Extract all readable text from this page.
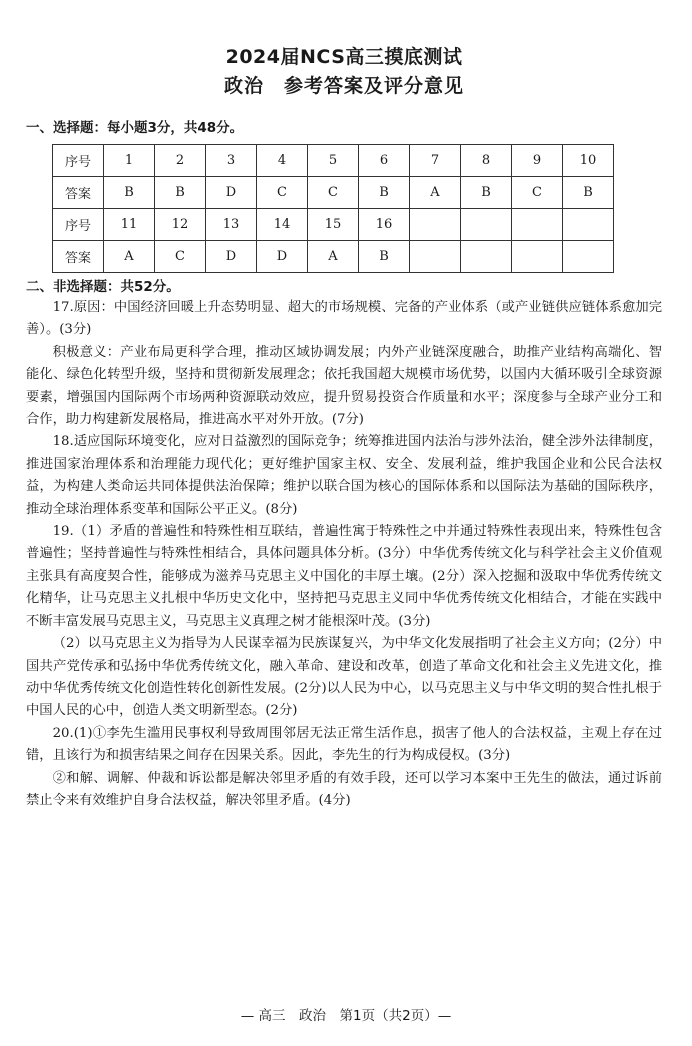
2024届NCS高三摸底测试
政治　参考答案及评分意见
一、选择题：每小题3分，共48分。
序号	1	2	3	4	5	6	7	8	9	10
答案	B	B	D	C	C	B	A	B	C	B
序号	11	12	13	14	15	16				
答案	A	C	D	D	A	B				
二、非选择题：共52分。

17.原因：中国经济回暖上升态势明显、超大的市场规模、完备的产业体系（或产业链供应链体系愈加完善）。(3分)

积极意义：产业布局更科学合理，推动区域协调发展；内外产业链深度融合，助推产业结构高端化、智能化、绿色化转型升级，坚持和贯彻新发展理念；依托我国超大规模市场优势，以国内大循环吸引全球资源要素，增强国内国际两个市场两种资源联动效应，提升贸易投资合作质量和水平；深度参与全球产业分工和合作，助力构建新发展格局，推进高水平对外开放。(7分)

18.适应国际环境变化，应对日益激烈的国际竞争；统筹推进国内法治与涉外法治，健全涉外法律制度，推进国家治理体系和治理能力现代化；更好维护国家主权、安全、发展利益，维护我国企业和公民合法权益，为构建人类命运共同体提供法治保障；维护以联合国为核心的国际体系和以国际法为基础的国际秩序，推动全球治理体系变革和国际公平正义。(8分)

19.（1）矛盾的普遍性和特殊性相互联结，普遍性寓于特殊性之中并通过特殊性表现出来，特殊性包含普遍性；坚持普遍性与特殊性相结合，具体问题具体分析。(3分）中华优秀传统文化与科学社会主义价值观主张具有高度契合性，能够成为滋养马克思主义中国化的丰厚土壤。(2分）深入挖掘和汲取中华优秀传统文化精华，让马克思主义扎根中华历史文化中，坚持把马克思主义同中华优秀传统文化相结合，才能在实践中不断丰富发展马克思主义，马克思主义真理之树才能根深叶茂。(3分)

（2）以马克思主义为指导为人民谋幸福为民族谋复兴，为中华文化发展指明了社会主义方向；(2分）中国共产党传承和弘扬中华优秀传统文化，融入革命、建设和改革，创造了革命文化和社会主义先进文化，推动中华优秀传统文化创造性转化创新性发展。(2分)以人民为中心，以马克思主义与中华文明的契合性扎根于中国人民的心中，创造人类文明新型态。(2分)

20.(1)①李先生滥用民事权利导致周围邻居无法正常生活作息，损害了他人的合法权益，主观上存在过错，且该行为和损害结果之间存在因果关系。因此，李先生的行为构成侵权。(3分)

②和解、调解、仲裁和诉讼都是解决邻里矛盾的有效手段，还可以学习本案中王先生的做法，通过诉前禁止令来有效维护自身合法权益，解决邻里矛盾。(4分)

— 高三　政治　第1页（共2页）—
